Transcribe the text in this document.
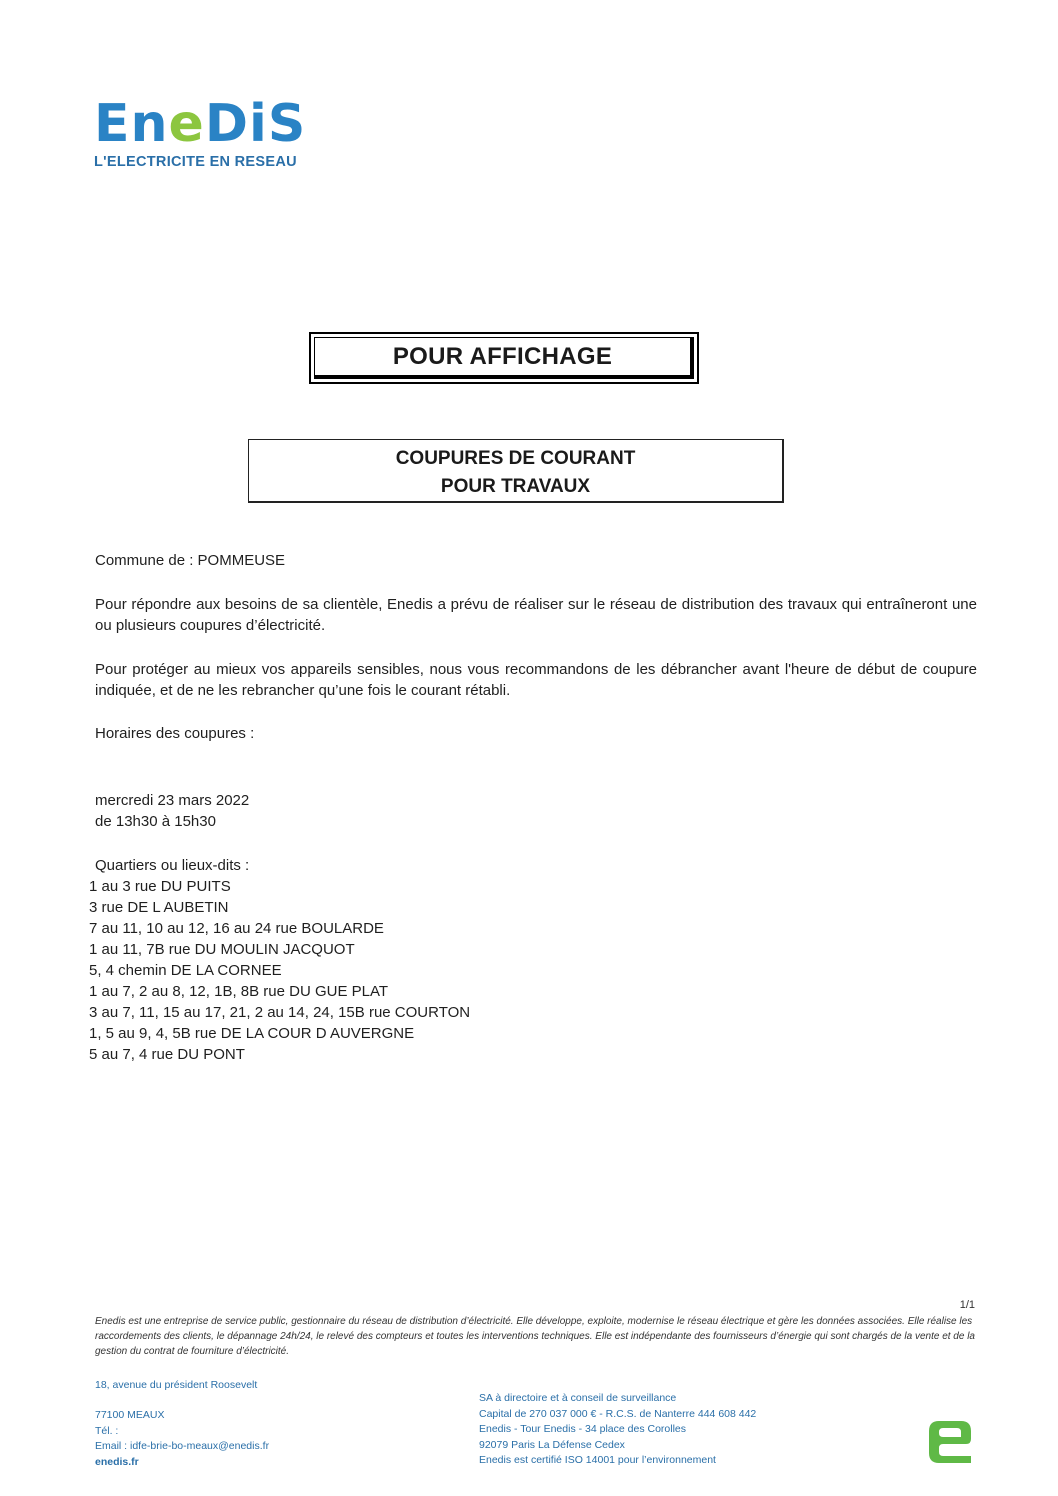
EneDiS
L'ELECTRICITE EN RESEAU
POUR AFFICHAGE
COUPURES DE COURANT
POUR TRAVAUX
Commune de : POMMEUSE
Pour répondre aux besoins de sa clientèle, Enedis a prévu de réaliser sur le réseau de distribution des travaux qui entraîneront une ou plusieurs coupures d’électricité.
Pour protéger au mieux vos appareils sensibles, nous vous recommandons de les débrancher avant l'heure de début de coupure indiquée, et de ne les rebrancher qu’une fois le courant rétabli.
Horaires des coupures :
mercredi 23 mars 2022
de 13h30 à 15h30
Quartiers ou lieux-dits :
1 au 3 rue DU PUITS
3 rue DE L AUBETIN
7 au 11, 10 au 12, 16 au 24 rue BOULARDE
1 au 11, 7B rue DU MOULIN JACQUOT
5, 4 chemin DE LA CORNEE
1 au 7, 2 au 8, 12, 1B, 8B rue DU GUE PLAT
3 au 7, 11, 15 au 17, 21, 2 au 14, 24, 15B rue COURTON
1, 5 au 9, 4, 5B rue DE LA COUR D AUVERGNE
5 au 7, 4 rue DU PONT
1/1
Enedis est une entreprise de service public, gestionnaire du réseau de distribution d’électricité. Elle développe, exploite, modernise le réseau électrique et gère les données associées. Elle réalise les raccordements des clients, le dépannage 24h/24, le relevé des compteurs et toutes les interventions techniques. Elle est indépendante des fournisseurs d’énergie qui sont chargés de la vente et de la gestion du contrat de fourniture d’électricité.
18, avenue du président Roosevelt
77100 MEAUX
Tél. :
Email : idfe-brie-bo-meaux@enedis.fr
enedis.fr
SA à directoire et à conseil de surveillance
Capital de 270 037 000 € - R.C.S. de Nanterre 444 608 442
Enedis - Tour Enedis - 34 place des Corolles
92079 Paris La Défense Cedex
Enedis est certifié ISO 14001 pour l’environnement
